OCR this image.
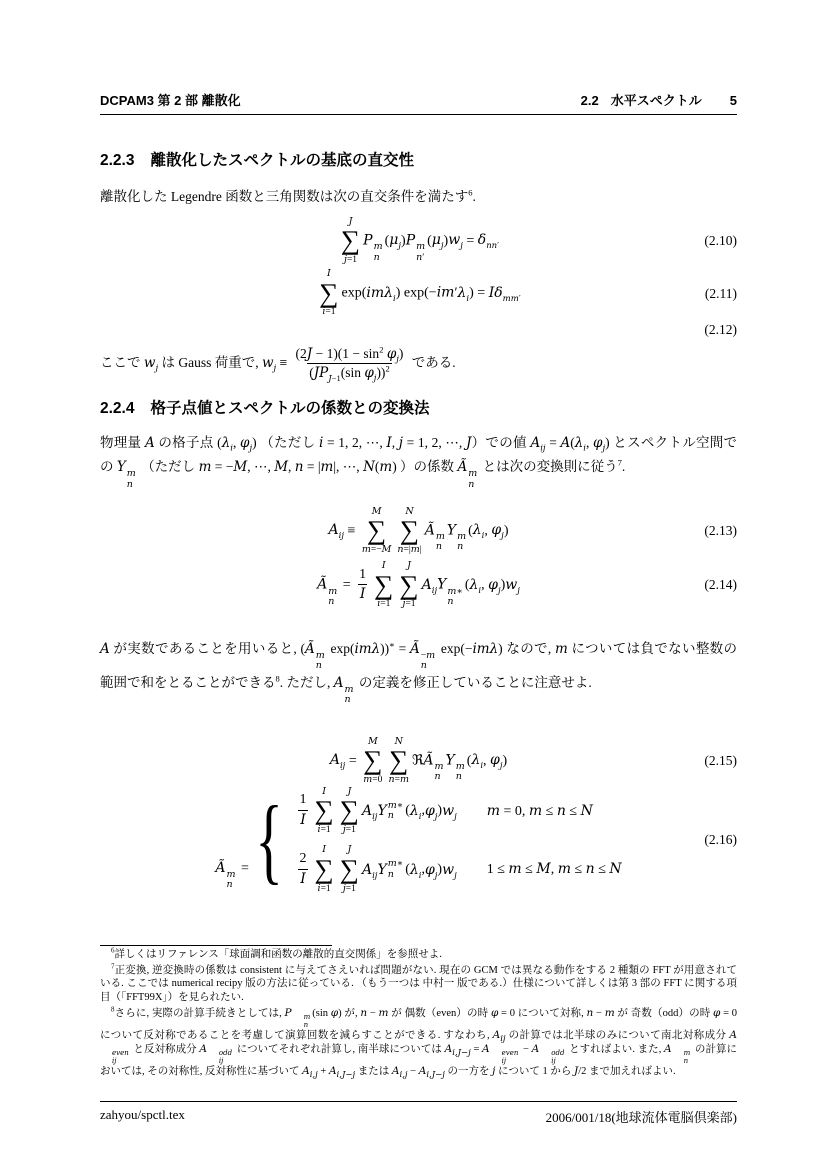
DCPAM3 第 2 部 離散化	2.2 水平スペクトル 5
2.2.3 離散化したスペクトルの基底の直交性

離散化した Legendre 函数と三角関数は次の直交条件を満たす$^6$.

J
∑
j=1
P m
n
$(\mu_j)P$ m
n′
$(\mu_j)w_j = \delta_{nn'}$	(2.10)
I
∑
i=1
exp(imλ$_i$) $\exp(-im'\lambda_i) = I\delta_{mm'}$	(2.11)
(2.12)

ここで $w_j$ は Gauss 荷重で, $w_j \equiv \frac{(2J - 1)(1 - \sin^2 \varphi_j)}{(JP_{J-1}(\sin \varphi_j))^2}$ である.

2.2.4 格子点値とスペクトルの係数との変換法

物理量 A の格子点 ($\lambda_i$, $\varphi_j$) （ただし i = 1, 2, ⋯, I, j = 1, 2, ⋯, J）での値 $A_{ij} = A(\lambda_i$, $\varphi_j$) とスペクトル空間での Y m
n
（ただし m = −M, ⋯, M, n = |m|, ⋯, N(m) ）の係数 Ã m
n
とは次の変換則に従う$^7$.

$A_{ij}$ ≡
M
∑
m=−M
N
∑
n=|m|
Ã m
n
Y m
n
($\lambda_i$, $\varphi_j$)	(2.13)
Ã m
n
= $\frac{1}{I}$ I
∑
i=1
J
∑
j=1
$A_{ij}Y$ m∗
n
($\lambda_i$, $\varphi_j)w_j$	(2.14)

A が実数であることを用いると, (Ã m
n
exp(imλ))∗ = Ã −m
n
exp(−imλ) なので, m については負でない整数の範囲で和をとることができる$^8$. ただし, A m
n
の定義を修正していることに注意せよ.

$A_{ij}$ =
M
∑
m=0
N
∑
n=m
ℜÃ m
n
Y m
n
($\lambda_i$, $\varphi_j$)	(2.15)
Ã m
n
= { $\frac{1}{I}$ I
∑
i=1
J
∑
j=1
$A_{ij}$ Y m∗
n ( $\lambda_i$ , $\varphi_j$ ) $w_j$ m = 0, m ≤ n ≤ N
$\frac{2}{I}$ I
∑
i=1
J
∑
j=1
$A_{ij}$ Y m∗
n ( $\lambda_i$ , $\varphi_j$ ) $w_j$ 1 ≤ m ≤ M, m ≤ n ≤ N
(2.16)

$^6$詳しくはリファレンス「球面調和函数の離散的直交関係」を参照せよ.

$^7$正変換, 逆変換時の係数は consistent に与えてさえいれば問題がない. 現在の GCM では異なる動作をする 2 種類の FFT が用意されている. ここでは numerical recipy 版の方法に従っている. （もう一つは 中村一 版である.）仕様について詳しくは第 3 部の FFT に関する項目（「FFT99X」）を見られたい.

$^8$さらに, 実際の計算手続きとしては, P	m
n
(sin φ) が, n − m が 偶数（even）の時 φ = 0 について対称, n − m が 奇数（odd）の時 φ = 0 について反対称であることを考慮して演算回数を減らすことができる. すなわち, $A_{ij}$ の計算では北半球のみについて南北対称成分 A
even
ij
と反対称成分 A	odd
ij
についてそれぞれ計算し, 南半球については $A_{i,J-j} = A$	even
ij
− A	odd
ij
とすればよい. また, A	m
n
の計算においては, その対称性, 反対称性に基づいて $A_{i,j} + A_{i,J-j}$ または $A_{i,j} - A_{i,J-j}$ の一方を j について 1 から J/2 まで加えればよい.

zahyou/spctl.tex	2006/001/18(地球流体電脳倶楽部)
